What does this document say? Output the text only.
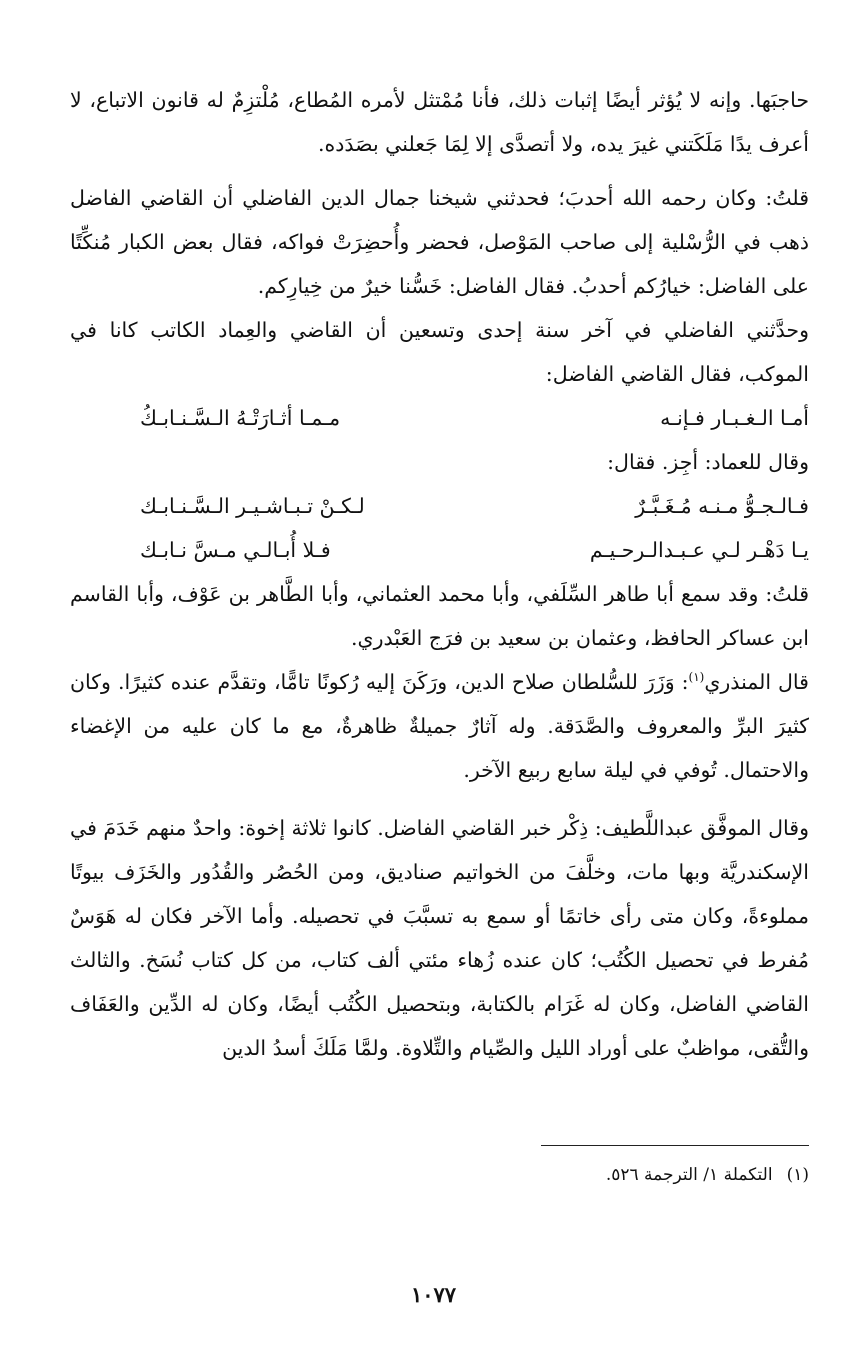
حاجبَها. وإنه لا يُؤثر أيضًا إثبات ذلك، فأنا مُمْتثل لأمره المُطاع، مُلْتزِمٌ له قانون الاتباع، لا أعرف يدًا مَلَكَتني غيرَ يده، ولا أتصدَّى إلا لِمَا جَعلني بصَدَده.

قلتُ: وكان رحمه الله أحدبَ؛ فحدثني شيخنا جمال الدين الفاضلي أن القاضي الفاضل ذهب في الرُّسْلية إلى صاحب المَوْصل، فحضر وأُحضِرَتْ فواكه، فقال بعض الكبار مُنكِّتًا على الفاضل: خيارُكم أحدبُ. فقال الفاضل: خَسُّنا خيرٌ من خِيارِكم.

وحدَّثني الفاضلي في آخر سنة إحدى وتسعين أن القاضي والعِماد الكاتب كانا في الموكب، فقال القاضي الفاضل:

أمـا الـغـبـار فـإنـه
مـمـا أثـارَتْـهُ الـسَّـنـابـكُ

وقال للعماد: أجِز. فقال:

فـالـجـوُّ مـنـه مُـغَـبَّـرٌ
لـكـنْ تـبـاشـيـر الـسَّـنـابـك
يـا دَهْـر لـي عـبـدالـرحـيـم
فـلا أُبـالـي مـسَّ نـابـك

قلتُ: وقد سمع أبا طاهر السِّلَفي، وأبا محمد العثماني، وأبا الطَّاهر بن عَوْف، وأبا القاسم ابن عساكر الحافظ، وعثمان بن سعيد بن فرَج العَبْدري.

قال المنذري$^{(١)}$: وَزَرَ للسُّلطان صلاح الدين، ورَكَنَ إليه رُكونًا تامًّا، وتقدَّم عنده كثيرًا. وكان كثيرَ البرِّ والمعروف والصَّدَقة. وله آثارٌ جميلةٌ ظاهرةٌ، مع ما كان عليه من الإغضاء والاحتمال. تُوفي في ليلة سابع ربيع الآخر.

وقال الموفَّق عبداللَّطيف: ذِكْر خبر القاضي الفاضل. كانوا ثلاثة إخوة: واحدٌ منهم خَدَمَ في الإسكندريَّة وبها مات، وخلَّفَ من الخواتيم صناديق، ومن الحُصُر والقُدُور والخَزَف بيوتًا مملوءةً، وكان متى رأى خاتمًا أو سمع به تسبَّبَ في تحصيله. وأما الآخر فكان له هَوَسٌ مُفرط في تحصيل الكُتُب؛ كان عنده زُهاء مئتي ألف كتاب، من كل كتاب نُسَخ. والثالث القاضي الفاضل، وكان له غَرَام بالكتابة، وبتحصيل الكُتُب أيضًا، وكان له الدِّين والعَفَاف والتُّقى، مواظبٌ على أوراد الليل والصِّيام والتِّلاوة. ولمَّا مَلَكَ أسدُ الدين

(١)التكملة ١/ الترجمة ٥٢٦.
١٠٧٧
